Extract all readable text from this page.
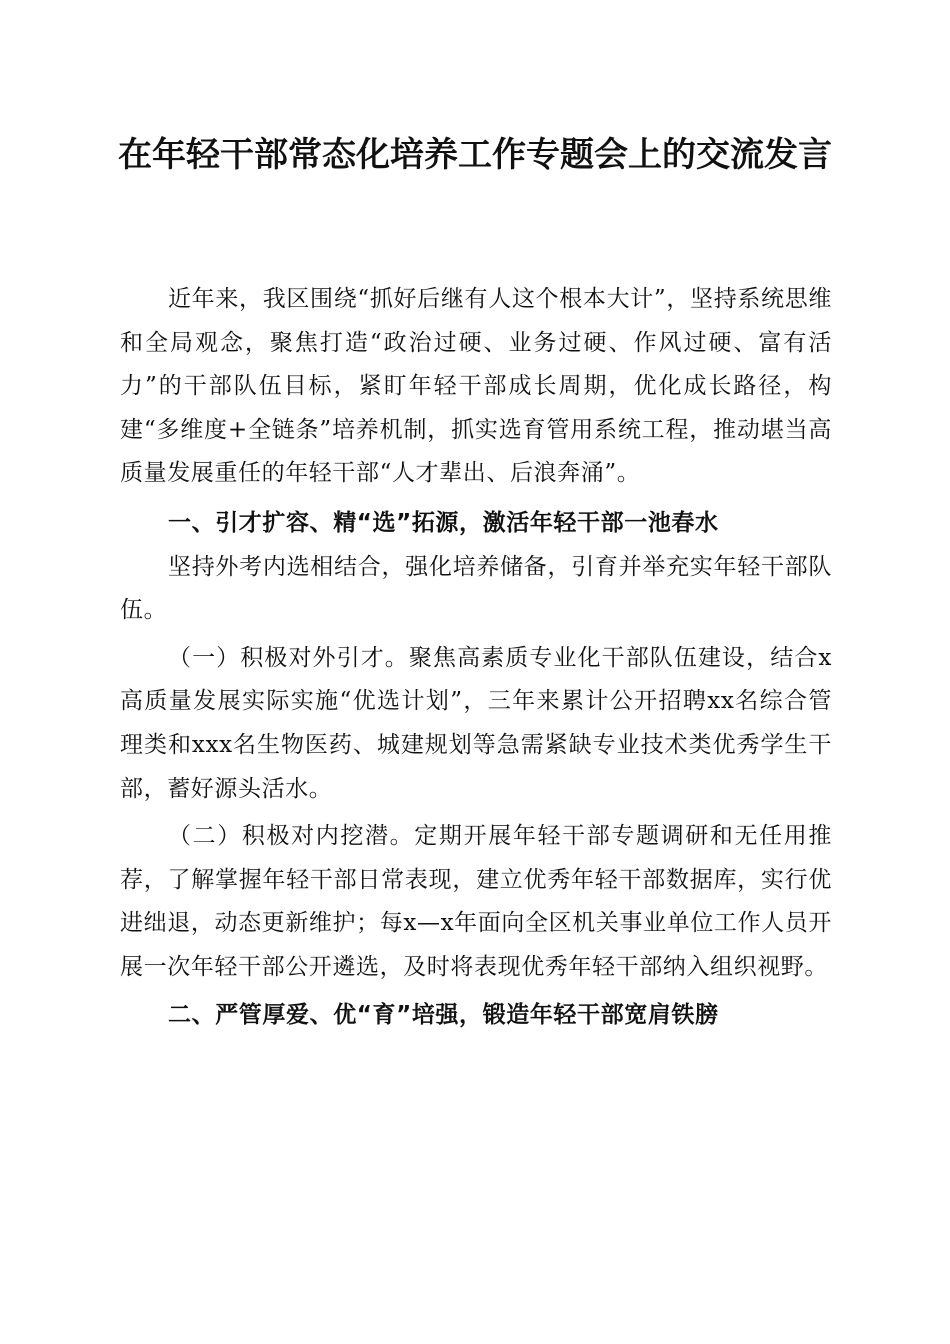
在年轻干部常态化培养工作专题会上的交流发言

近年来，我区围绕“抓好后继有人这个根本大计”，坚持系统思维和全局观念，聚焦打造“政治过硬、业务过硬、作风过硬、富有活力”的干部队伍目标，紧盯年轻干部成长周期，优化成长路径，构建“多维度+全链条”培养机制，抓实选育管用系统工程，推动堪当高质量发展重任的年轻干部“人才辈出、后浪奔涌”。

一、引才扩容、精“选”拓源，激活年轻干部一池春水

坚持外考内选相结合，强化培养储备，引育并举充实年轻干部队伍。

（一）积极对外引才。聚焦高素质专业化干部队伍建设，结合x高质量发展实际实施“优选计划”，三年来累计公开招聘xx名综合管理类和xxx名生物医药、城建规划等急需紧缺专业技术类优秀学生干部，蓄好源头活水。

（二）积极对内挖潜。定期开展年轻干部专题调研和无任用推荐，了解掌握年轻干部日常表现，建立优秀年轻干部数据库，实行优进绌退，动态更新维护；每x—x年面向全区机关事业单位工作人员开展一次年轻干部公开遴选，及时将表现优秀年轻干部纳入组织视野。

二、严管厚爱、优“育”培强，锻造年轻干部宽肩铁膀
